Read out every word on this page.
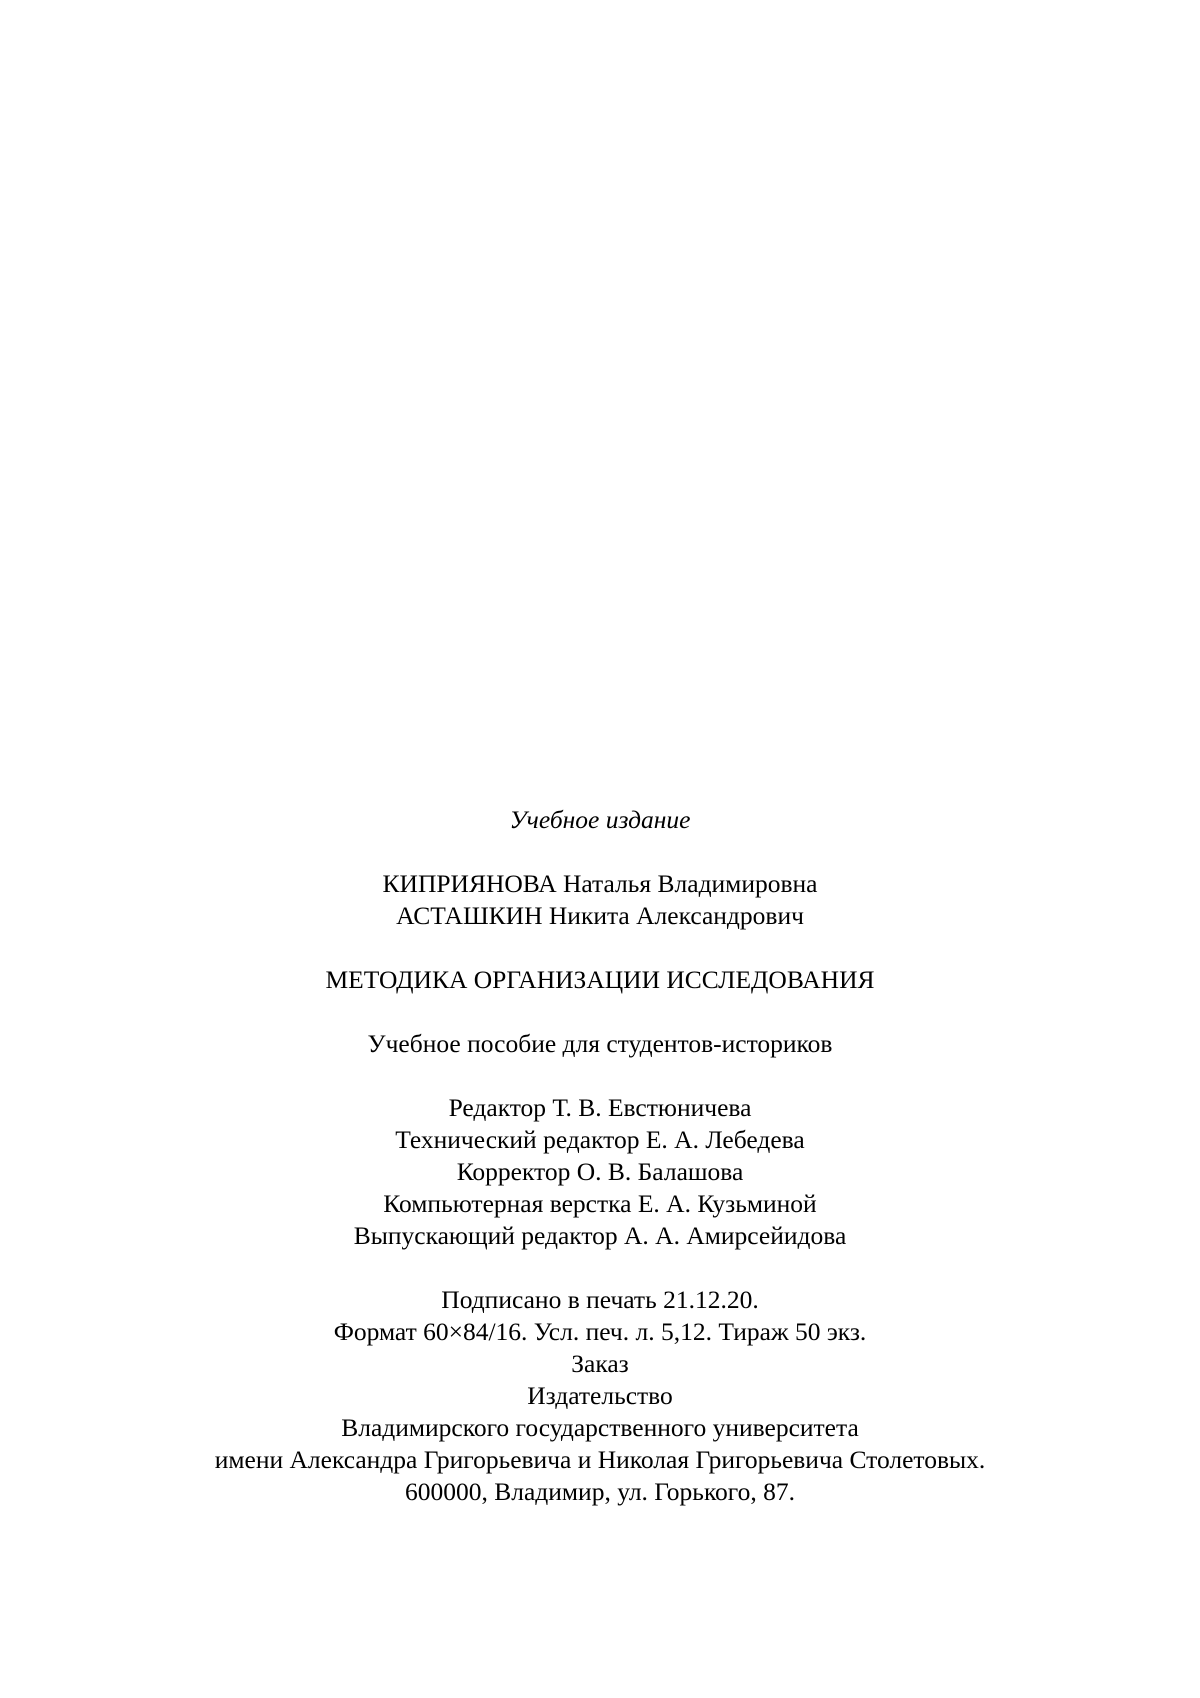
Учебное издание
КИПРИЯНОВА Наталья Владимировна
АСТАШКИН Никита Александрович
МЕТОДИКА ОРГАНИЗАЦИИ ИССЛЕДОВАНИЯ
Учебное пособие для студентов-историков
Редактор Т. В. Евстюничева
Технический редактор Е. А. Лебедева
Корректор О. В. Балашова
Компьютерная верстка Е. А. Кузьминой
Выпускающий редактор А. А. Амирсейидова
Подписано в печать 21.12.20.
Формат 60×84/16. Усл. печ. л. 5,12. Тираж 50 экз.
Заказ
Издательство
Владимирского государственного университета
имени Александра Григорьевича и Николая Григорьевича Столетовых.
600000, Владимир, ул. Горького, 87.
